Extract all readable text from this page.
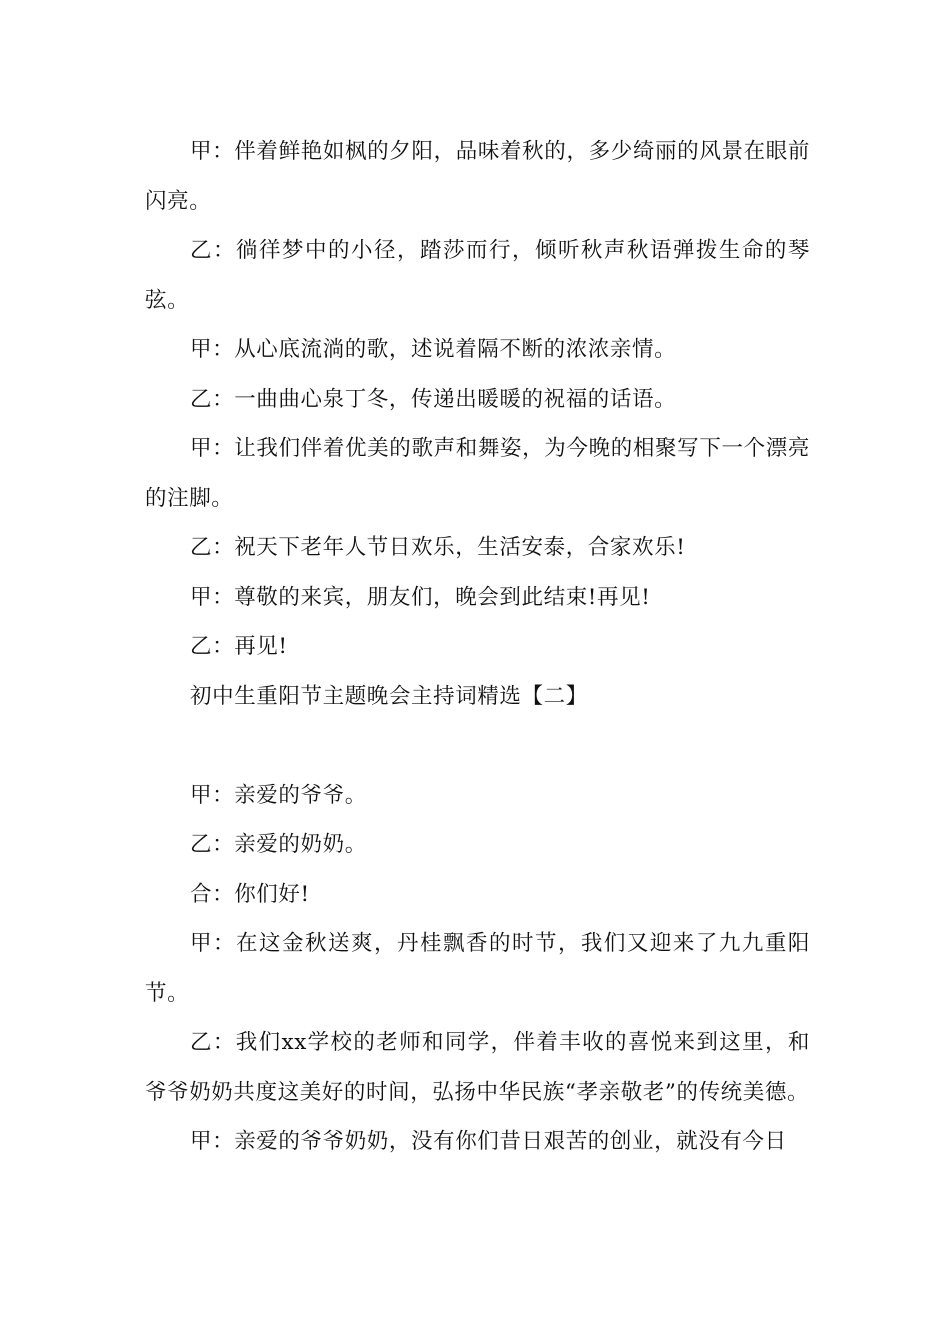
甲：伴着鲜艳如枫的夕阳，品味着秋的，多少绮丽的风景在眼前闪亮。

乙：徜徉梦中的小径，踏莎而行，倾听秋声秋语弹拨生命的琴弦。

甲：从心底流淌的歌，述说着隔不断的浓浓亲情。

乙：一曲曲心泉丁冬，传递出暖暖的祝福的话语。

甲：让我们伴着优美的歌声和舞姿，为今晚的相聚写下一个漂亮的注脚。

乙：祝天下老年人节日欢乐，生活安泰，合家欢乐!

甲：尊敬的来宾，朋友们，晚会到此结束!再见!

乙：再见!

初中生重阳节主题晚会主持词精选【二】

甲：亲爱的爷爷。

乙：亲爱的奶奶。

合：你们好!

甲：在这金秋送爽，丹桂飘香的时节，我们又迎来了九九重阳节。

乙：我们xx学校的老师和同学，伴着丰收的喜悦来到这里，和爷爷奶奶共度这美好的时间，弘扬中华民族“孝亲敬老”的传统美德。

甲：亲爱的爷爷奶奶，没有你们昔日艰苦的创业，就没有今日
